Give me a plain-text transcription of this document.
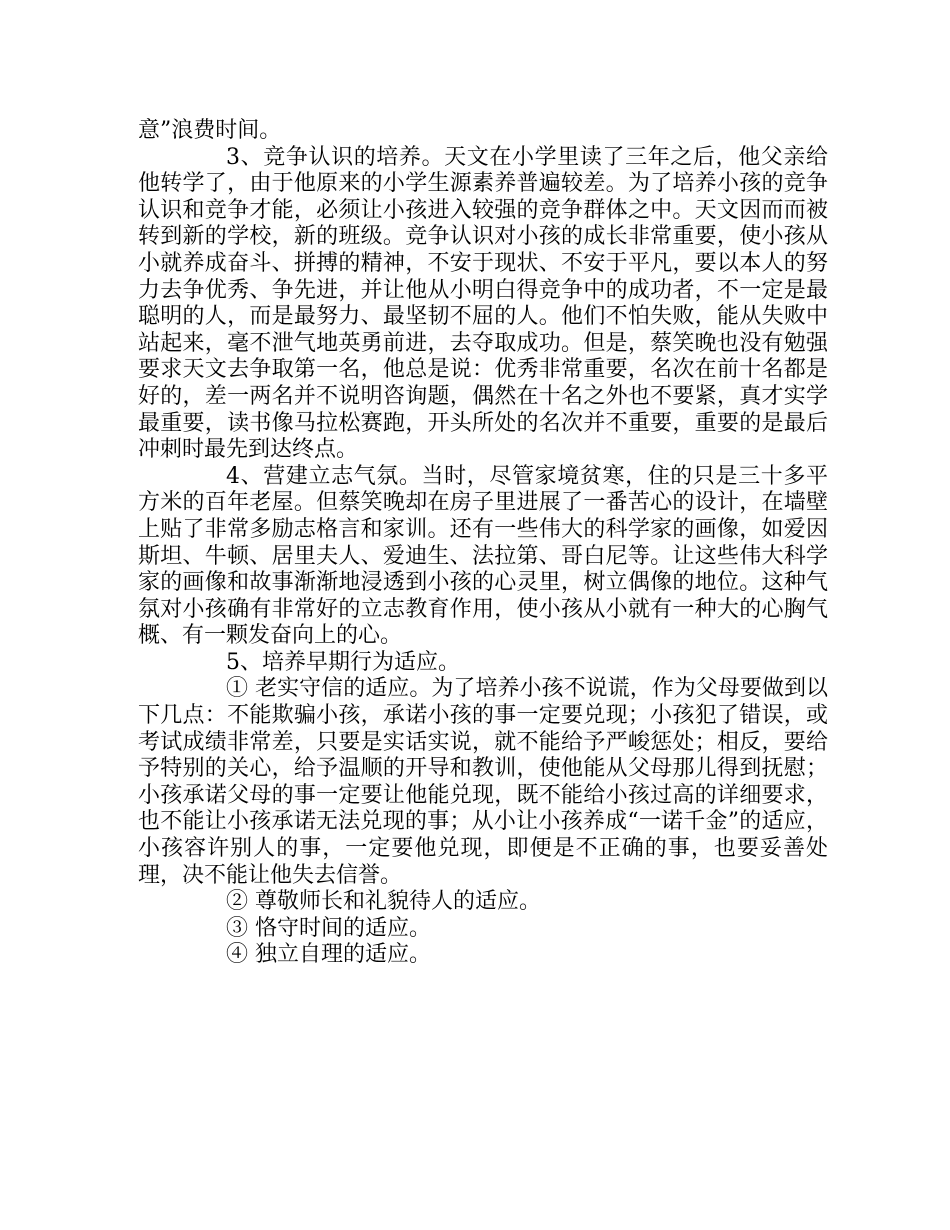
意”浪费时间。

3、竞争认识的培养。天文在小学里读了三年之后，他父亲给他转学了，由于他原来的小学生源素养普遍较差。为了培养小孩的竞争认识和竞争才能，必须让小孩进入较强的竞争群体之中。天文因而而被转到新的学校，新的班级。竞争认识对小孩的成长非常重要，使小孩从小就养成奋斗、拼搏的精神，不安于现状、不安于平凡，要以本人的努力去争优秀、争先进，并让他从小明白得竞争中的成功者，不一定是最聪明的人，而是最努力、最坚韧不屈的人。他们不怕失败，能从失败中站起来，毫不泄气地英勇前进，去夺取成功。但是，蔡笑晚也没有勉强要求天文去争取第一名，他总是说：优秀非常重要，名次在前十名都是好的，差一两名并不说明咨询题，偶然在十名之外也不要紧，真才实学最重要，读书像马拉松赛跑，开头所处的名次并不重要，重要的是最后冲刺时最先到达终点。

4、营建立志气氛。当时，尽管家境贫寒，住的只是三十多平方米的百年老屋。但蔡笑晚却在房子里进展了一番苦心的设计，在墙壁上贴了非常多励志格言和家训。还有一些伟大的科学家的画像，如爱因斯坦、牛顿、居里夫人、爱迪生、法拉第、哥白尼等。让这些伟大科学家的画像和故事渐渐地浸透到小孩的心灵里，树立偶像的地位。这种气氛对小孩确有非常好的立志教育作用，使小孩从小就有一种大的心胸气概、有一颗发奋向上的心。

5、培养早期行为适应。

① 老实守信的适应。为了培养小孩不说谎，作为父母要做到以下几点：不能欺骗小孩，承诺小孩的事一定要兑现；小孩犯了错误，或考试成绩非常差，只要是实话实说，就不能给予严峻惩处；相反，要给予特别的关心，给予温顺的开导和教训，使他能从父母那儿得到抚慰；小孩承诺父母的事一定要让他能兑现，既不能给小孩过高的详细要求，也不能让小孩承诺无法兑现的事；从小让小孩养成“一诺千金”的适应，小孩容许别人的事，一定要他兑现，即便是不正确的事，也要妥善处理，决不能让他失去信誉。

② 尊敬师长和礼貌待人的适应。

③ 恪守时间的适应。

④ 独立自理的适应。
